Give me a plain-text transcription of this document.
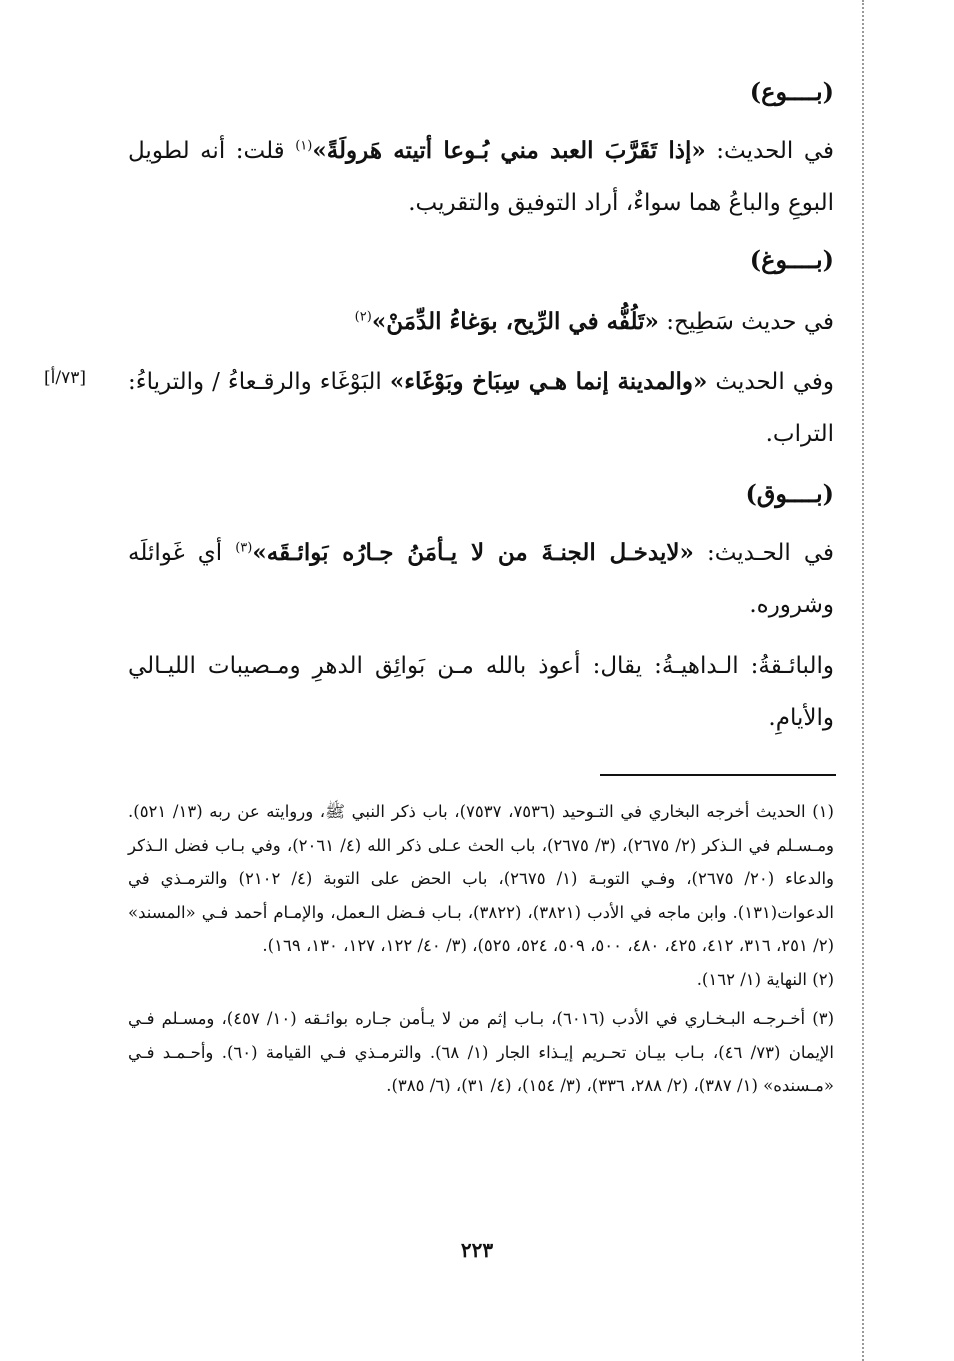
(بــــوع)
في الحديث: «إذا تَقَرَّبَ العبد مني بُـوعا أتيته هَرولَةً»$^{(١)}$ قلت: أنه لطويل البوعِ والباعُ هما سواءٌ، أراد التوفيق والتقريب.
(بــــوغ)
في حديث سَطِيح: «تَلُفُّه في الرِّيح، بوَغاءُ الدِّمَنْ»$^{(٢)}$
وفي الحديث «والمدينة إنما هـي سِبَاخ وبَوْغَاء» البَوْغَاء والرقـعاءُ / والترياءُ: التراب.
[٧٣/أ]
(بــــوق)
في الحـديث: «لايدخـل الجنـةَ من لا يـأمَنُ جـارُه بَوائـقَه»$^{(٣)}$ أي غَوائلَه وشروره.
والبائـقةُ: الـداهيـةُ: يقال: أعوذ بالله مـن بَوائِق الدهرِ ومـصيبات الليـالي والأيامِ.

(١) الحديث أخرجه البخاري في التـوحيد (٧٥٣٦، ٧٥٣٧)، باب ذكر النبي ﷺ، وروايته عن ربه (١٣/ ٥٢١). ومـسـلم في الـذكر (٢/ ٢٦٧٥)، (٣/ ٢٦٧٥)، باب الحث عـلى ذكر الله (٤/ ٢٠٦١)، وفي بـاب فضل الـذكر والدعاء (٢٠/ ٢٦٧٥)، وفـي التوبـة (١/ ٢٦٧٥)، باب الحض على التوبة (٤/ ٢١٠٢) والترمـذي في الدعوات(١٣١). وابن ماجه في الأدب (٣٨٢١)، (٣٨٢٢)، بـاب فـضل الـعمل، والإمـام أحمد فـي «المسند» (٢/ ٢٥١، ٣١٦، ٤١٢، ٤٢٥، ٤٨٠، ٥٠٠، ٥٠٩، ٥٢٤، ٥٢٥)، (٣/ ٤٠/ ١٢٢، ١٢٧، ١٣٠، ١٦٩).

(٢) النهاية (١/ ١٦٢).

(٣) أخـرجـه البـخـاري في الأدب (٦٠١٦)، بـاب إثم من لا يـأمن جـاره بوائـقه (١٠/ ٤٥٧)، ومسـلم فـي الإيمان (٧٣/ ٤٦)، بـاب بيـان تحـريم إيـذاء الجار (١/ ٦٨). والترمـذي فـي القيامة (٦٠). وأحـمـد فـي «مـسنده» (١/ ٣٨٧)، (٢/ ٢٨٨، ٣٣٦)، (٣/ ١٥٤)، (٤/ ٣١)، (٦/ ٣٨٥).

٢٢٣
